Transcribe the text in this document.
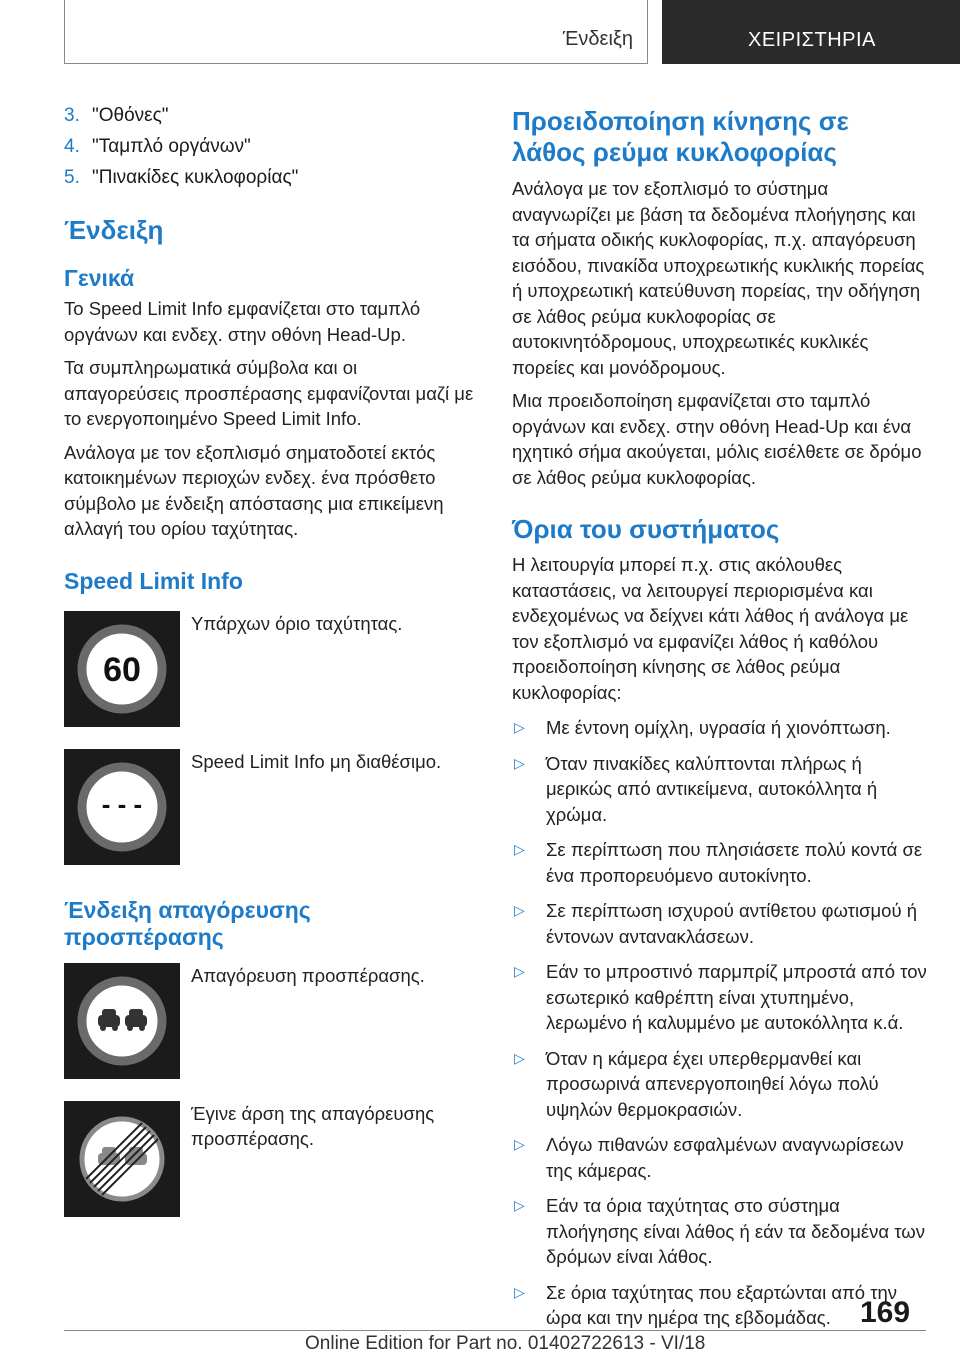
Ένδειξη	ΧΕΙΡΙΣΤΗΡΙΑ
3. "Οθόνες"
4. "Ταμπλό οργάνων"
5. "Πινακίδες κυκλοφορίας"
Ένδειξη
Γενικά

Το Speed Limit Info εμφανίζεται στο ταμπλό οργάνων και ενδεχ. στην οθόνη Head-Up.

Τα συμπληρωματικά σύμβολα και οι απαγορεύσεις προσπέρασης εμφανίζονται μαζί με το ενεργοποιημένο Speed Limit Info.

Ανάλογα με τον εξοπλισμό σηματοδοτεί εκτός κατοικημένων περιοχών ενδεχ. ένα πρόσθετο σύμβολο με ένδειξη απόστασης μια επικείμενη αλλαγή του ορίου ταχύτητας.

Speed Limit Info
60
Υπάρχων όριο ταχύτητας.
- - -
Speed Limit Info μη διαθέσιμο.
Ένδειξη απαγόρευσης προσπέρασης
Απαγόρευση προσπέρασης.
Έγινε άρση της απαγόρευσης προσπέρασης.
Προειδοποίηση κίνησης σε λάθος ρεύμα κυκλοφορίας

Ανάλογα με τον εξοπλισμό το σύστημα αναγνωρίζει με βάση τα δεδομένα πλοήγησης και τα σήματα οδικής κυκλοφορίας, π.χ. απαγόρευση εισόδου, πινακίδα υποχρεωτικής κυκλικής πορείας ή υποχρεωτική κατεύθυνση πορείας, την οδήγηση σε λάθος ρεύμα κυκλοφορίας σε αυτοκινητόδρομους, υποχρεωτικές κυκλικές πορείες και μονόδρομους.

Μια προειδοποίηση εμφανίζεται στο ταμπλό οργάνων και ενδεχ. στην οθόνη Head-Up και ένα ηχητικό σήμα ακούγεται, μόλις εισέλθετε σε δρόμο σε λάθος ρεύμα κυκλοφορίας.

Όρια του συστήματος

Η λειτουργία μπορεί π.χ. στις ακόλουθες καταστάσεις, να λειτουργεί περιορισμένα και ενδεχομένως να δείχνει κάτι λάθος ή ανάλογα με τον εξοπλισμό να εμφανίζει λάθος ή καθόλου προειδοποίηση κίνησης σε λάθος ρεύμα κυκλοφορίας:

▷	Με έντονη ομίχλη, υγρασία ή χιονόπτωση.

▷	Όταν πινακίδες καλύπτονται πλήρως ή μερικώς από αντικείμενα, αυτοκόλλητα ή χρώμα.

▷	Σε περίπτωση που πλησιάσετε πολύ κοντά σε ένα προπορευόμενο αυτοκίνητο.

▷	Σε περίπτωση ισχυρού αντίθετου φωτισμού ή έντονων αντανακλάσεων.

▷	Εάν το μπροστινό παρμπρίζ μπροστά από τον εσωτερικό καθρέπτη είναι χτυπημένο, λερωμένο ή καλυμμένο με αυτοκόλλητα κ.ά.

▷	Όταν η κάμερα έχει υπερθερμανθεί και προσωρινά απενεργοποιηθεί λόγω πολύ υψηλών θερμοκρασιών.

▷	Λόγω πιθανών εσφαλμένων αναγνωρίσεων της κάμερας.

▷	Εάν τα όρια ταχύτητας στο σύστημα πλοήγησης είναι λάθος ή εάν τα δεδομένα των δρόμων είναι λάθος.

▷	Σε όρια ταχύτητας που εξαρτώνται από την ώρα και την ημέρα της εβδομάδας. 169
Online Edition for Part no. 01402722613 - VI/18
